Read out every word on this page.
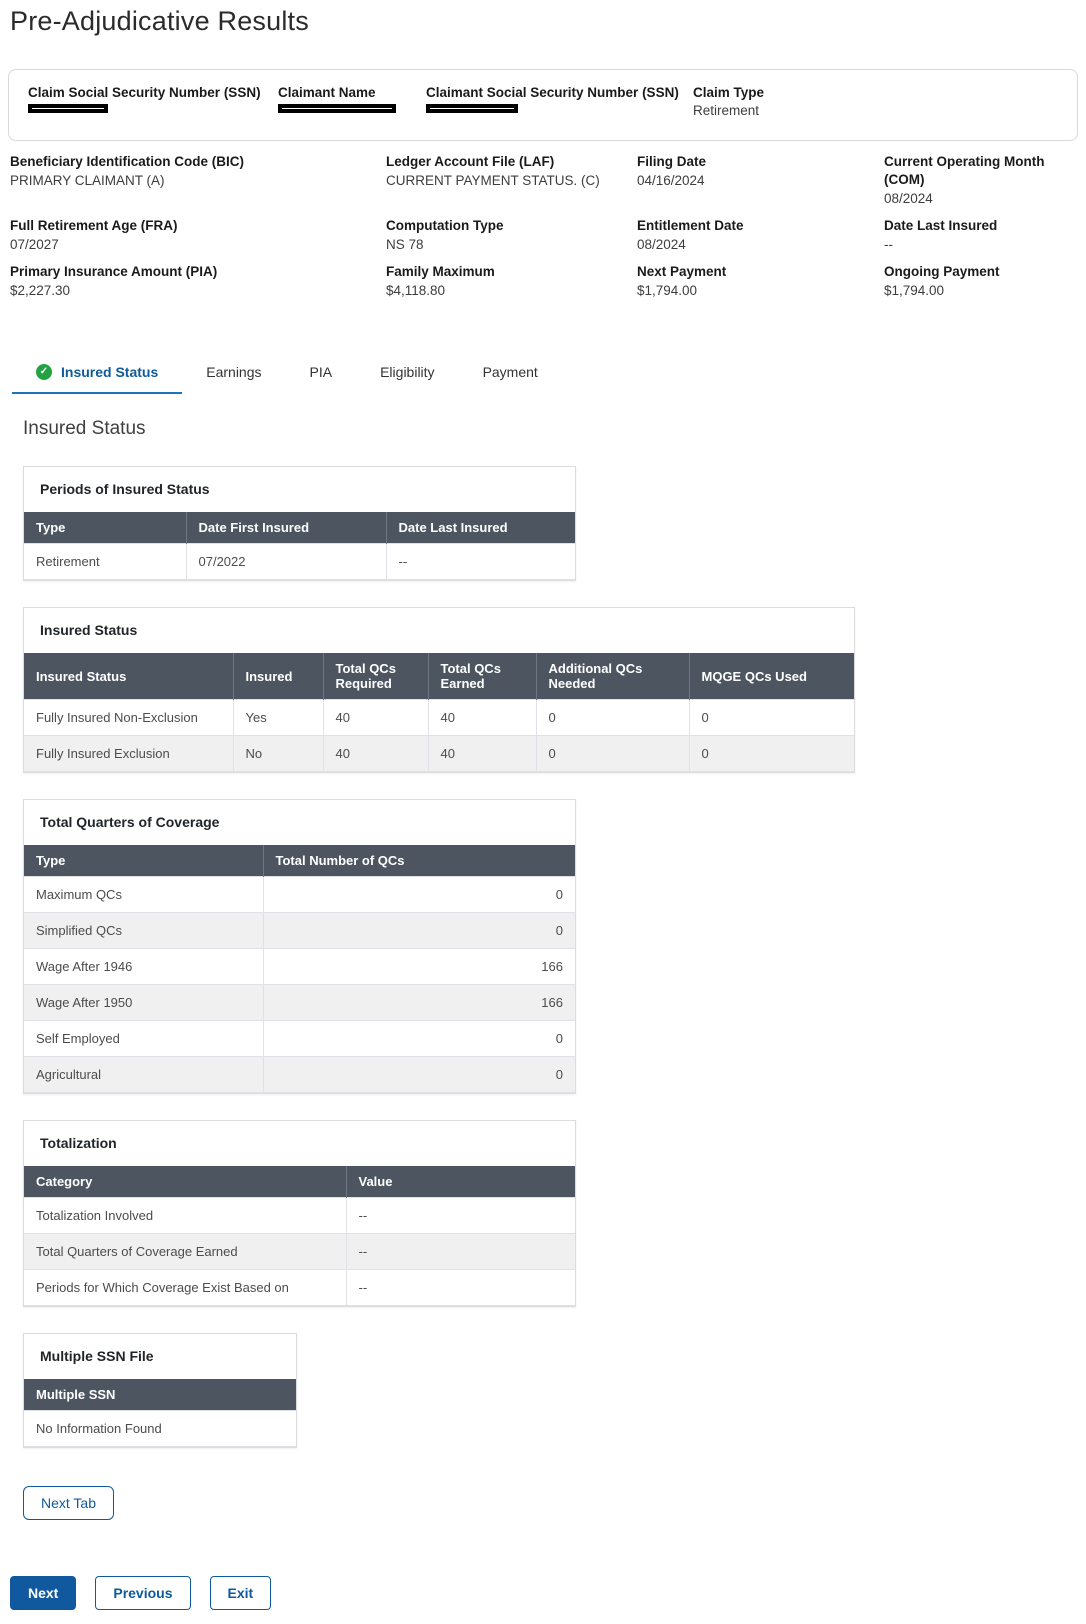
Pre-Adjudicative Results
Claim Social Security Number (SSN)	Claimant Name	Claimant Social Security Number (SSN)	Claim Type
Retirement
Beneficiary Identification Code (BIC)
PRIMARY CLAIMANT (A)
Ledger Account File (LAF)
CURRENT PAYMENT STATUS. (C)
Filing Date
04/16/2024
Current Operating Month (COM)
08/2024
Full Retirement Age (FRA)
07/2027
Computation Type
NS 78
Entitlement Date
08/2024
Date Last Insured
--
Primary Insurance Amount (PIA)
$2,227.30
Family Maximum
$4,118.80
Next Payment
$1,794.00
Ongoing Payment
$1,794.00
✓ Insured Status	Earnings	PIA	Eligibility	Payment
Insured Status
Periods of Insured Status
Type	Date First Insured	Date Last Insured
Retirement	07/2022	--
Insured Status
Insured Status	Insured	Total QCs Required	Total QCs Earned	Additional QCs Needed	MQGE QCs Used
Fully Insured Non-Exclusion	Yes	40	40	0	0
Fully Insured Exclusion	No	40	40	0	0
Total Quarters of Coverage
Type	Total Number of QCs
Maximum QCs	0
Simplified QCs	0
Wage After 1946	166
Wage After 1950	166
Self Employed	0
Agricultural	0
Totalization
Category	Value
Totalization Involved	--
Total Quarters of Coverage Earned	--
Periods for Which Coverage Exist Based on	--
Multiple SSN File
Multiple SSN
No Information Found
Next Tab
Next	Previous	Exit
